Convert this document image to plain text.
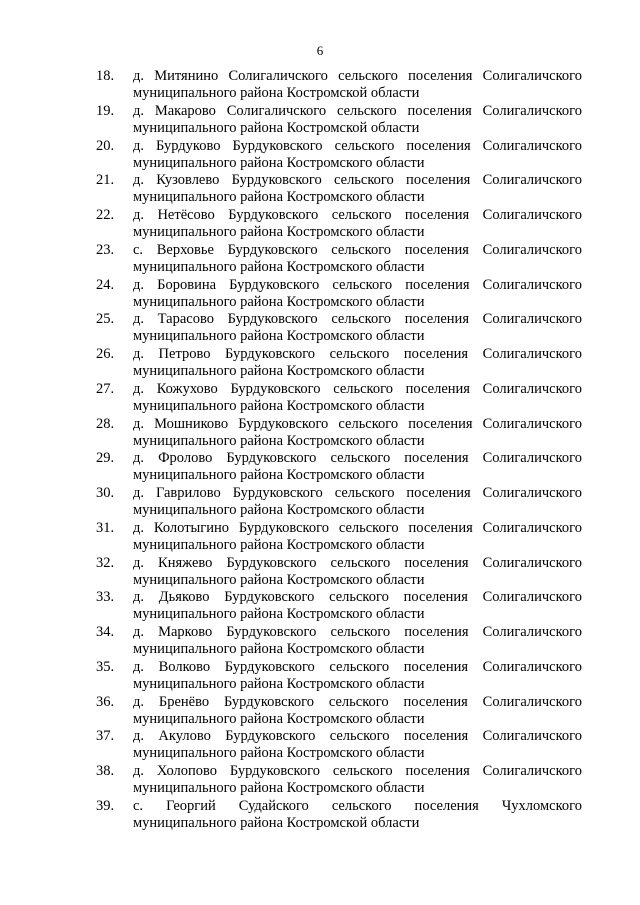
6
18.	д. Митянино Солигаличского сельского поселения Солигаличского
муниципального района Костромской области
19.	д. Макарово Солигаличского сельского поселения Солигаличского
муниципального района Костромской области
20.	д. Бурдуково Бурдуковского сельского поселения Солигаличского
муниципального района Костромского области
21.	д. Кузовлево Бурдуковского сельского поселения Солигаличского
муниципального района Костромского области
22.	д. Нетёсово Бурдуковского сельского поселения Солигаличского
муниципального района Костромского области
23.	с. Верховье Бурдуковского сельского поселения Солигаличского
муниципального района Костромского области
24.	д. Боровина Бурдуковского сельского поселения Солигаличского
муниципального района Костромского области
25.	д. Тарасово Бурдуковского сельского поселения Солигаличского
муниципального района Костромского области
26.	д. Петрово Бурдуковского сельского поселения Солигаличского
муниципального района Костромского области
27.	д. Кожухово Бурдуковского сельского поселения Солигаличского
муниципального района Костромского области
28.	д. Мошниково Бурдуковского сельского поселения Солигаличского
муниципального района Костромского области
29.	д. Фролово Бурдуковского сельского поселения Солигаличского
муниципального района Костромского области
30.	д. Гаврилово Бурдуковского сельского поселения Солигаличского
муниципального района Костромского области
31.	д. Колотыгино Бурдуковского сельского поселения Солигаличского
муниципального района Костромского области
32.	д. Княжево Бурдуковского сельского поселения Солигаличского
муниципального района Костромского области
33.	д. Дьяково Бурдуковского сельского поселения Солигаличского
муниципального района Костромского области
34.	д. Марково Бурдуковского сельского поселения Солигаличского
муниципального района Костромского области
35.	д. Волково Бурдуковского сельского поселения Солигаличского
муниципального района Костромского области
36.	д. Бренёво Бурдуковского сельского поселения Солигаличского
муниципального района Костромского области
37.	д. Акулово Бурдуковского сельского поселения Солигаличского
муниципального района Костромского области
38.	д. Холопово Бурдуковского сельского поселения Солигаличского
муниципального района Костромского области
39.	с. Георгий Судайского сельского поселения Чухломского
муниципального района Костромской области
